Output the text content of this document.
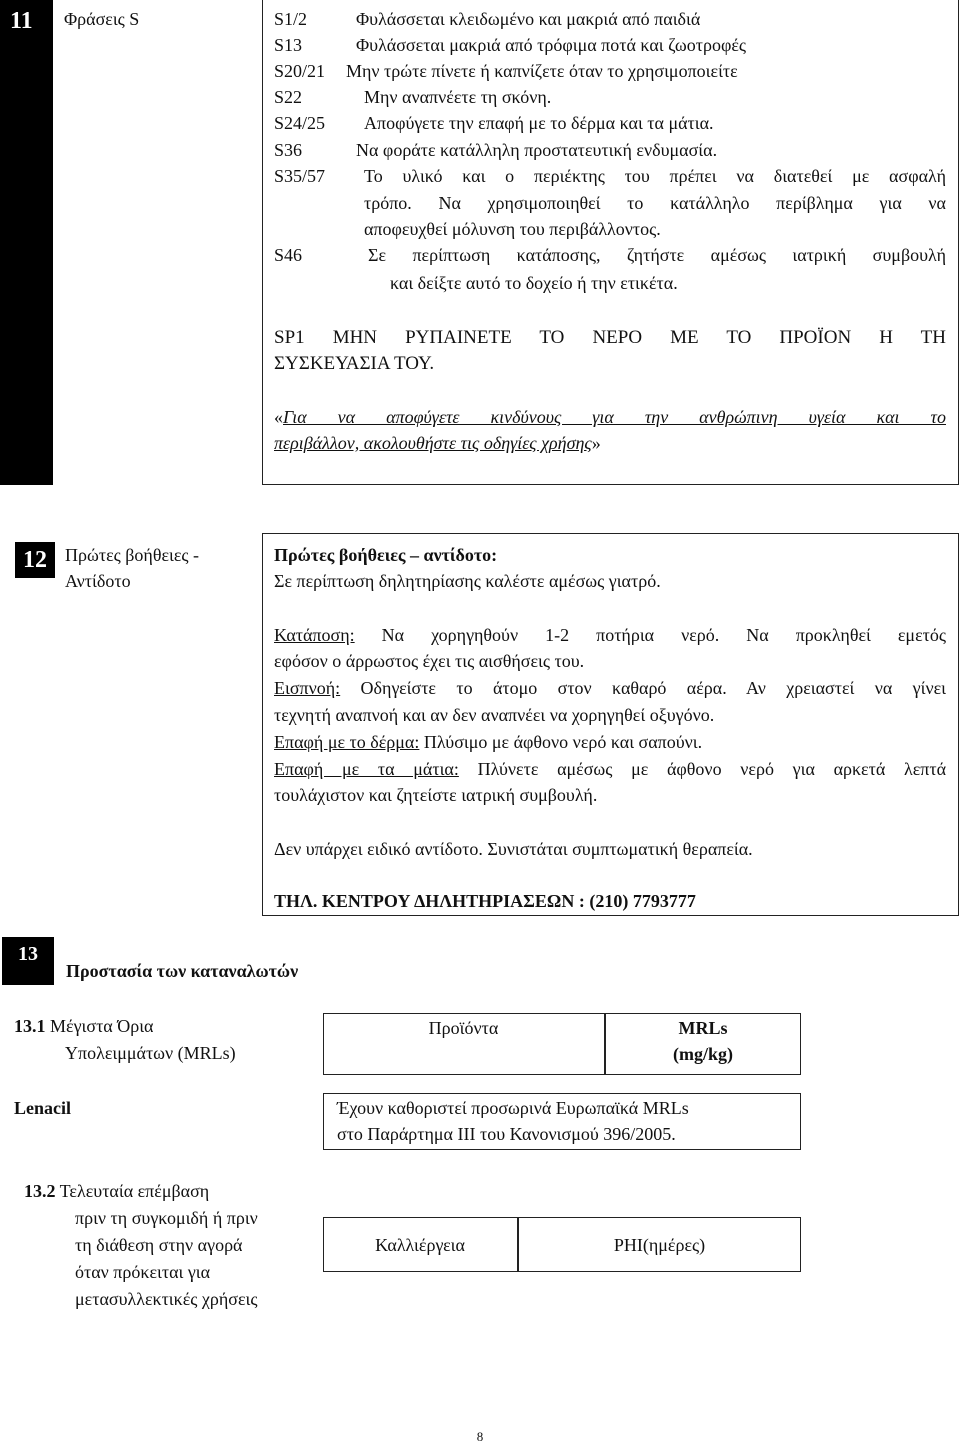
11 Φράσεις S	S1/2	Φυλάσσεται κλειδωμένο και μακριά από παιδιά
S13	Φυλάσσεται μακριά από τρόφιμα ποτά και ζωοτροφές
S20/21 Μην τρώτε πίνετε ή καπνίζετε όταν το χρησιμοποιείτε
S22	Μην αναπνέετε τη σκόνη.
S24/25 Αποφύγετε την επαφή με το δέρμα και τα μάτια.
S36	Να φοράτε κατάλληλη προστατευτική ενδυμασία.
S35/57 Το υλικό και ο περιέκτης του πρέπει να διατεθεί με ασφαλή
τρόπο. Να χρησιμοποιηθεί το κατάλληλο περίβλημα για να
αποφευχθεί μόλυνση του περιβάλλοντος.
S46	Σε περίπτωση κατάποσης, ζητήστε αμέσως ιατρική συμβουλή
και δείξτε αυτό το δοχείο ή την ετικέτα.
SP1 ΜΗΝ ΡΥΠΑΙΝΕΤΕ ΤΟ ΝΕΡΟ ΜΕ ΤΟ ΠΡΟΪΟΝ Η ΤΗ
ΣΥΣΚΕΥΑΣΙΑ ΤΟΥ.
«Για να αποφύγετε κινδύνους για την ανθρώπινη υγεία και το
περιβάλλον, ακολουθήστε τις οδηγίες χρήσης»
12	Πρώτες βοήθειες -
Αντίδοτο
Πρώτες βοήθειες – αντίδοτο:
Σε περίπτωση δηλητηρίασης καλέστε αμέσως γιατρό.
Κατάποση: Να χορηγηθούν 1-2 ποτήρια νερό. Να προκληθεί εμετός
εφόσον ο άρρωστος έχει τις αισθήσεις του.
Εισπνοή: Οδηγείστε το άτομο στον καθαρό αέρα. Αν χρειαστεί να γίνει
τεχνητή αναπνοή και αν δεν αναπνέει να χορηγηθεί οξυγόνο.
Επαφή με το δέρμα: Πλύσιμο με άφθονο νερό και σαπούνι.
Επαφή με τα μάτια: Πλύνετε αμέσως με άφθονο νερό για αρκετά λεπτά
τουλάχιστον και ζητείστε ιατρική συμβουλή.
Δεν υπάρχει ειδικό αντίδοτο. Συνιστάται συμπτωματική θεραπεία.
ΤΗΛ. ΚΕΝΤΡΟΥ ΔΗΛΗΤΗΡΙΑΣΕΩΝ : (210) 7793777
13
Προστασία των καταναλωτών
13.1 Μέγιστα Όρια
Υπολειμμάτων (MRLs)
Προϊόντα	MRLs
(mg/kg)
Lenacil	Έχουν καθοριστεί προσωρινά Ευρωπαϊκά MRLs
στο Παράρτημα ΙΙΙ του Κανονισμού 396/2005.
13.2 Τελευταία επέμβαση
πριν τη συγκομιδή ή πριν
τη διάθεση στην αγορά
όταν πρόκειται για
μετασυλλεκτικές χρήσεις
Καλλιέργεια	PHI(ημέρες)
8
